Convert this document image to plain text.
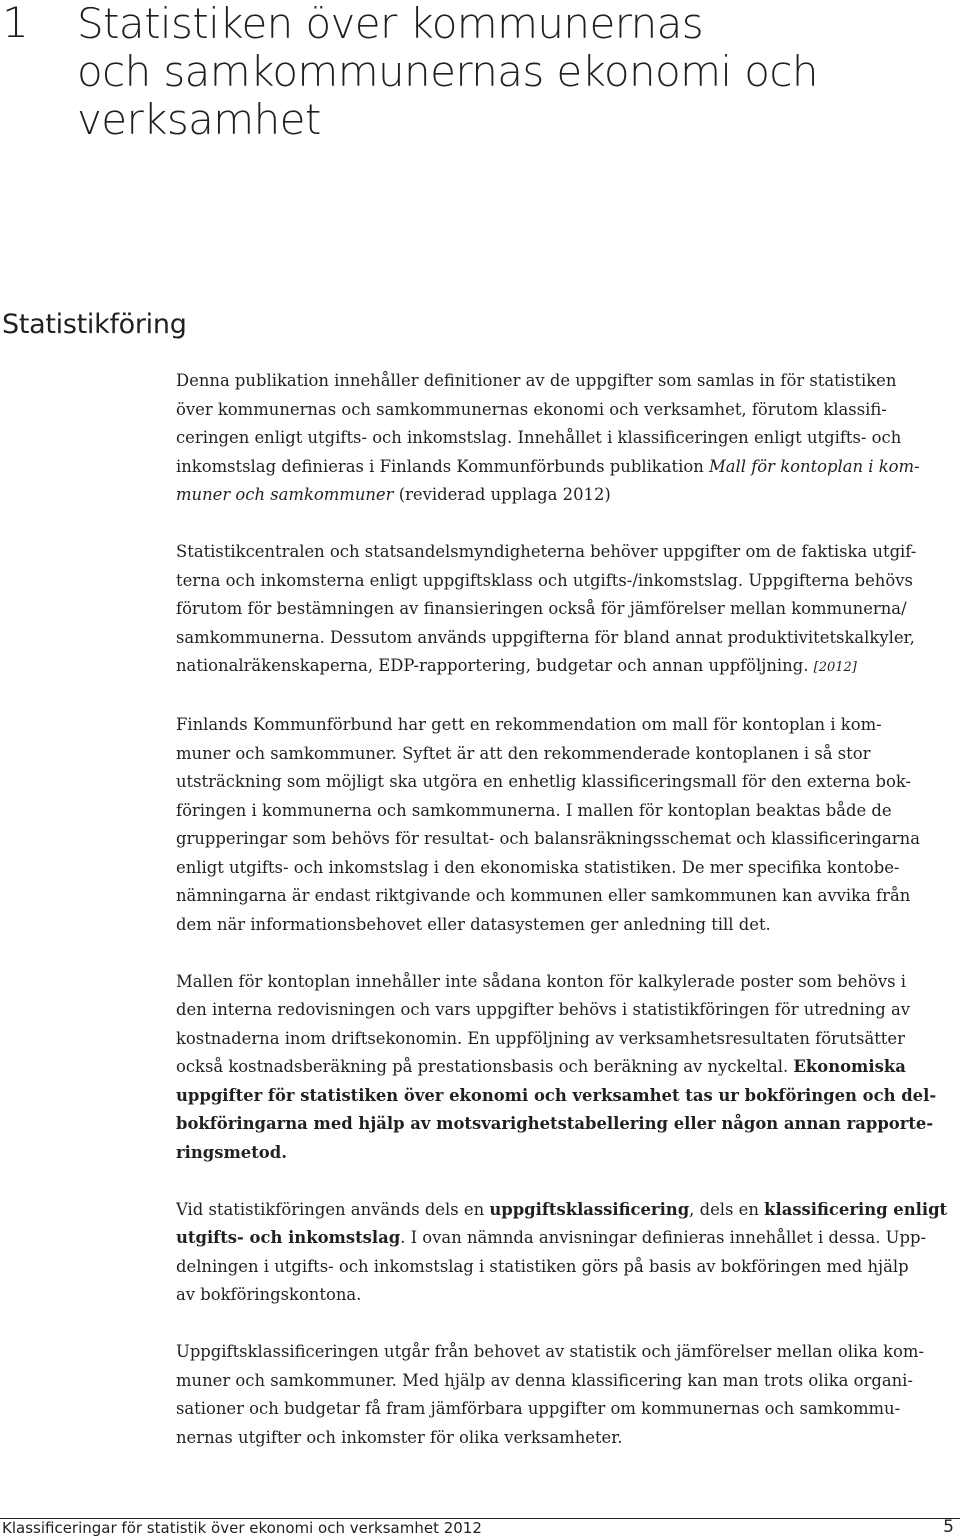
1 Statistiken över kommunernas
och samkommunernas ekonomi och
verksamhet
Statistikföring
Denna publikation innehåller definitioner av de uppgifter som samlas in för statistiken
över kommunernas och samkommunernas ekonomi och verksamhet, förutom klassifi-
ceringen enligt utgifts- och inkomstslag. Innehållet i klassificeringen enligt utgifts- och
inkomstslag definieras i Finlands Kommunförbunds publikation Mall för kontoplan i kom-
muner och samkommuner (reviderad upplaga 2012)
Statistikcentralen och statsandelsmyndigheterna behöver uppgifter om de faktiska utgif-
terna och inkomsterna enligt uppgiftsklass och utgifts-/inkomstslag. Uppgifterna behövs
förutom för bestämningen av finansieringen också för jämförelser mellan kommunerna/
samkommunerna. Dessutom används uppgifterna för bland annat produktivitetskalkyler,
nationalräkenskaperna, EDP-rapportering, budgetar och annan uppföljning. [2012]
Finlands Kommunförbund har gett en rekommendation om mall för kontoplan i kom-
muner och samkommuner. Syftet är att den rekommenderade kontoplanen i så stor
utsträckning som möjligt ska utgöra en enhetlig klassificeringsmall för den externa bok-
föringen i kommunerna och samkommunerna. I mallen för kontoplan beaktas både de
grupperingar som behövs för resultat- och balansräkningsschemat och klassificeringarna
enligt utgifts- och inkomstslag i den ekonomiska statistiken. De mer specifika kontobe-
nämningarna är endast riktgivande och kommunen eller samkommunen kan avvika från
dem när informationsbehovet eller datasystemen ger anledning till det.
Mallen för kontoplan innehåller inte sådana konton för kalkylerade poster som behövs i
den interna redovisningen och vars uppgifter behövs i statistikföringen för utredning av
kostnaderna inom driftsekonomin. En uppföljning av verksamhetsresultaten förutsätter
också kostnadsberäkning på prestationsbasis och beräkning av nyckeltal. Ekonomiska
uppgifter för statistiken över ekonomi och verksamhet tas ur bokföringen och del-
bokföringarna med hjälp av motsvarighetstabellering eller någon annan rapporte-
ringsmetod.
Vid statistikföringen används dels en uppgiftsklassificering, dels en klassificering enligt
utgifts- och inkomstslag. I ovan nämnda anvisningar definieras innehållet i dessa. Upp-
delningen i utgifts- och inkomstslag i statistiken görs på basis av bokföringen med hjälp
av bokföringskontona.
Uppgiftsklassificeringen utgår från behovet av statistik och jämförelser mellan olika kom-
muner och samkommuner. Med hjälp av denna klassificering kan man trots olika organi-
sationer och budgetar få fram jämförbara uppgifter om kommunernas och samkommu-
nernas utgifter och inkomster för olika verksamheter.
Klassificeringar för statistik över ekonomi och verksamhet 2012	5
